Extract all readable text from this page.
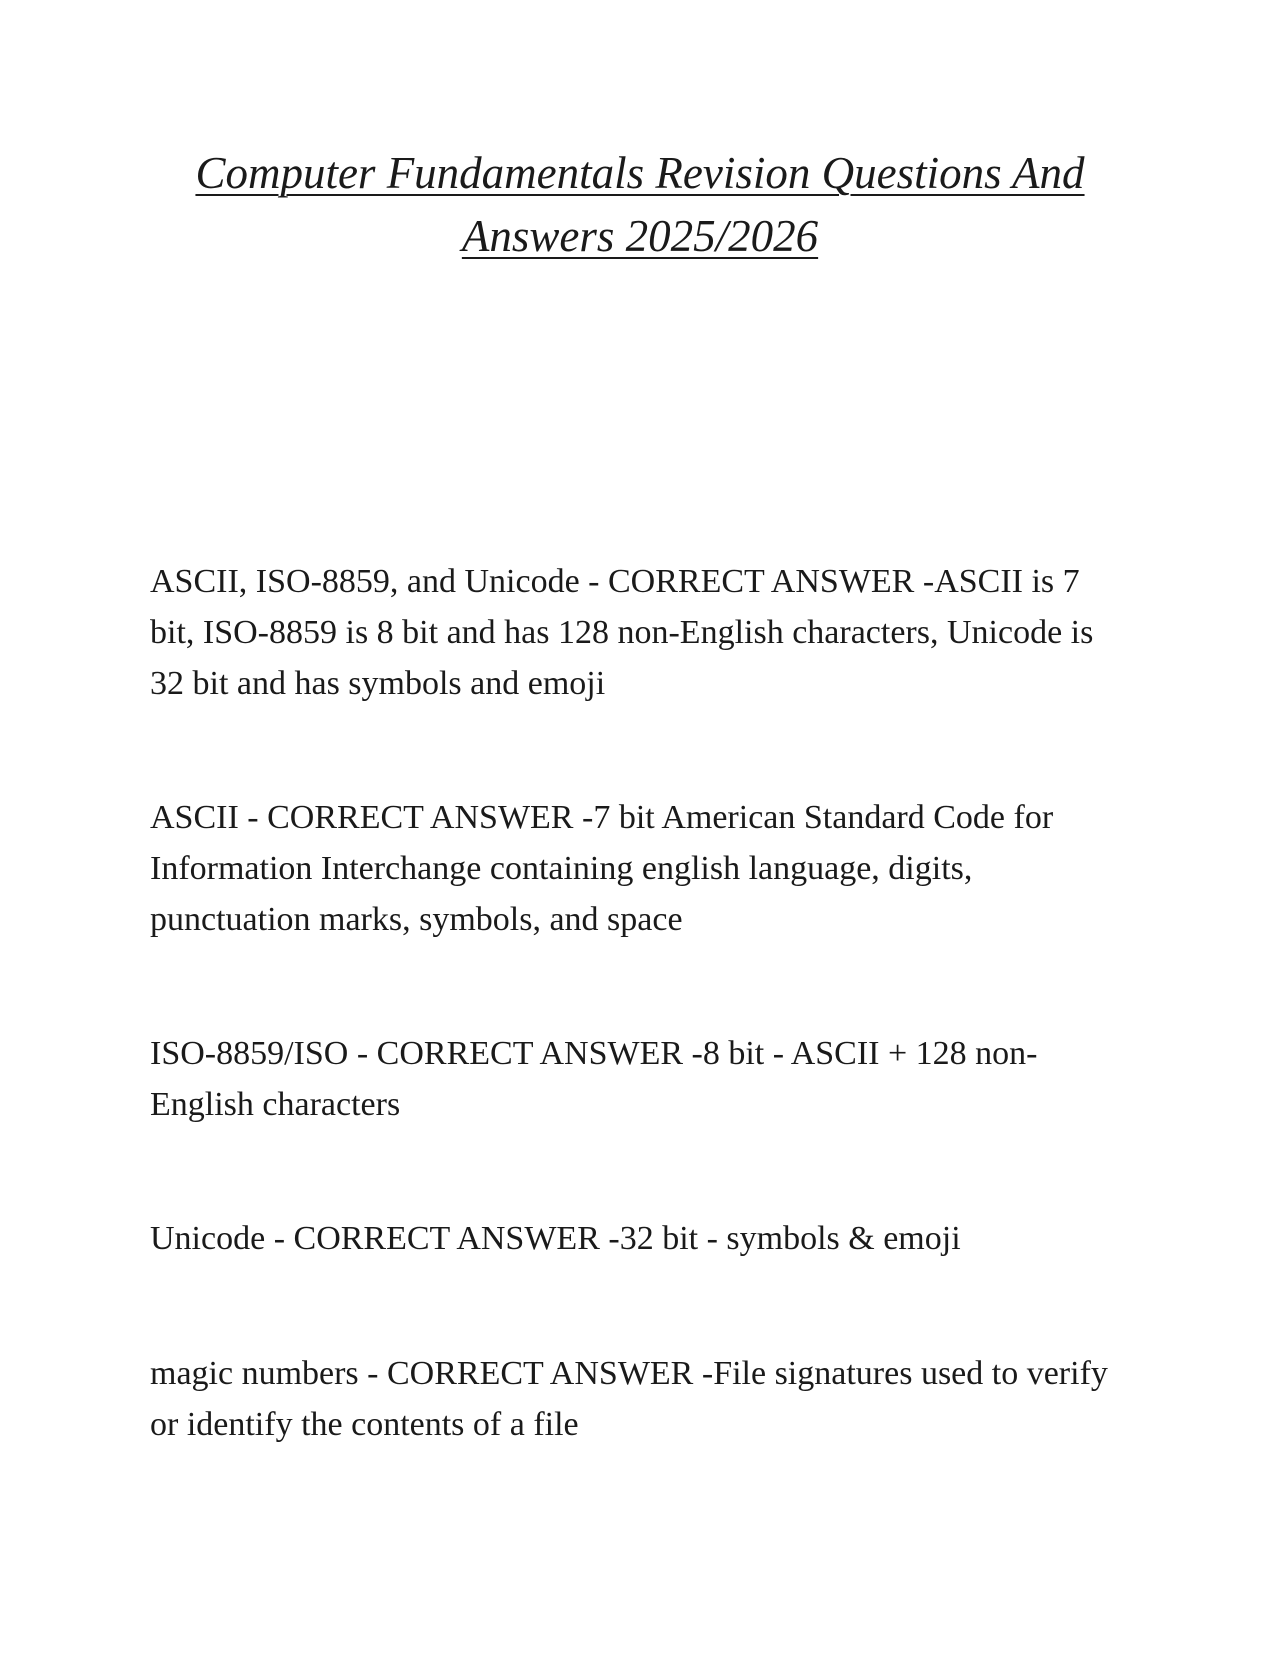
Computer Fundamentals Revision Questions And
Answers 2025/2026

ASCII, ISO-8859, and Unicode - CORRECT ANSWER -ASCII is 7 bit, ISO-8859 is 8 bit and has 128 non-English characters, Unicode is 32 bit and has symbols and emoji

ASCII - CORRECT ANSWER -7 bit American Standard Code for Information Interchange containing english language, digits, punctuation marks, symbols, and space

ISO-8859/ISO - CORRECT ANSWER -8 bit - ASCII + 128 non-English characters

Unicode - CORRECT ANSWER -32 bit - symbols & emoji

magic numbers - CORRECT ANSWER -File signatures used to verify or identify the contents of a file
